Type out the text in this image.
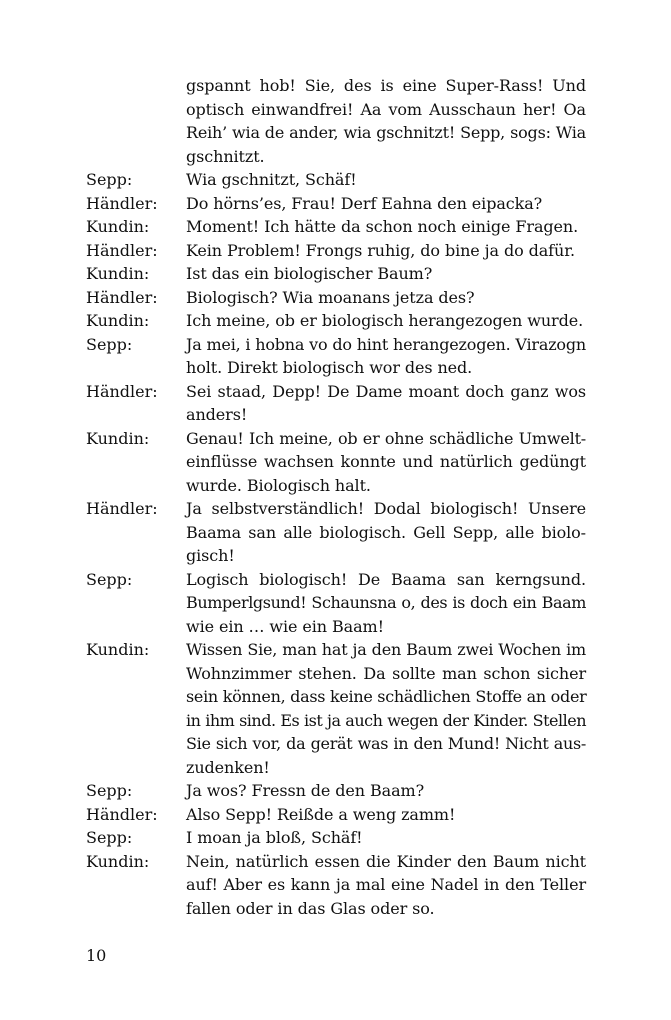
gspannt hob! Sie, des is eine Super-Rass! Und
optisch einwandfrei! Aa vom Ausschaun her! Oa
Reih’ wia de ander, wia gschnitzt! Sepp, sogs: Wia
gschnitzt.
Sepp:	Wia gschnitzt, Schäf!
Händler:	Do hörns’es, Frau! Derf Eahna den eipacka?
Kundin:	Moment! Ich hätte da schon noch einige Fragen.
Händler:	Kein Problem! Frongs ruhig, do bine ja do dafür.
Kundin:	Ist das ein biologischer Baum?
Händler:	Biologisch? Wia moanans jetza des?
Kundin:	Ich meine, ob er biologisch herangezogen wurde.
Sepp:	Ja mei, i hobna vo do hint herangezogen. Virazogn
holt. Direkt biologisch wor des ned.
Händler:	Sei staad, Depp! De Dame moant doch ganz wos
anders!
Kundin:	Genau! Ich meine, ob er ohne schädliche Umwelt-
einflüsse wachsen konnte und natürlich gedüngt
wurde. Biologisch halt.
Händler:	Ja selbstverständlich! Dodal biologisch! Unsere
Baama san alle biologisch. Gell Sepp, alle biolo-
gisch!
Sepp:	Logisch biologisch! De Baama san kerngsund.
Bumperlgsund! Schaunsna o, des is doch ein Baam
wie ein … wie ein Baam!
Kundin:	Wissen Sie, man hat ja den Baum zwei Wochen im
Wohnzimmer stehen. Da sollte man schon sicher
sein können, dass keine schädlichen Stoffe an oder
in ihm sind. Es ist ja auch wegen der Kinder. Stellen
Sie sich vor, da gerät was in den Mund! Nicht aus-
zudenken!
Sepp:	Ja wos? Fressn de den Baam?
Händler:	Also Sepp! Reißde a weng zamm!
Sepp:	I moan ja bloß, Schäf!
Kundin:	Nein, natürlich essen die Kinder den Baum nicht
auf! Aber es kann ja mal eine Nadel in den Teller
fallen oder in das Glas oder so.
10
